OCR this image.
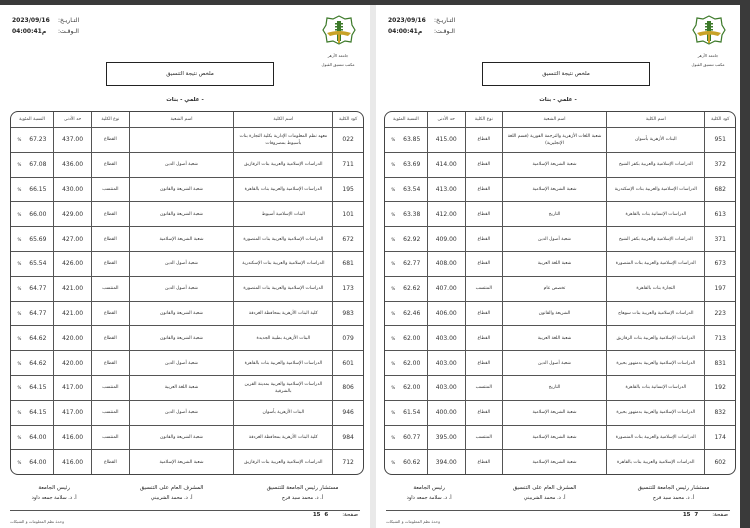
2023/09/16 التـاريـخ:
04:00:41م الـوقـت:
جامعة الأزهر
مكتب تنسيق القبول
ملخص نتيجة التنسيق
- علمي - بنات
كود الكلية	اسم الكلية	اسم الشعبة	نوع الكلية	حد الأدنى	النسبة المئوية
022	معهد نظم المعلومات الإدارية بكلية التجارة بنات بأسيوط بمصروفات		القطاع	437.00	% 67.23
711	الدراسات الإسلامية والعربية بنات الزقازيق	شعبة أصول الدين	القطاع	436.00	% 67.08
195	الدراسات الإسلامية والعربية بنات بالقاهرة	شعبة الشريعة والقانون	المنتسب	430.00	% 66.15
101	البنات الإسلامية أسيوط	شعبة الشريعة والقانون	القطاع	429.00	% 66.00
672	الدراسات الإسلامية والعربية بنات المنصورة	شعبة الشريعة الإسلامية	القطاع	427.00	% 65.69
681	الدراسات الإسلامية والعربية بنات الإسكندرية	شعبة أصول الدين	القطاع	426.00	% 65.54
173	الدراسات الإسلامية والعربية بنات المنصورة	شعبة أصول الدين	المنتسب	421.00	% 64.77
983	كلية البنات الأزهرية بمحافظة الغردقة	شعبة الشريعة والقانون	القطاع	421.00	% 64.77
079	البنات الأزهرية بطيبة الجديدة	شعبة الشريعة والقانون	القطاع	420.00	% 64.62
601	الدراسات الإسلامية والعربية بنات بالقاهرة	شعبة أصول الدين	القطاع	420.00	% 64.62
806	الدراسات الإسلامية والعربية بمدينة القرين بالشرقية	شعبة اللغة العربية	المنتسب	417.00	% 64.15
946	البنات الأزهرية بأسوان	شعبة أصول الدين	المنتسب	417.00	% 64.15
984	كلية البنات الأزهرية بمحافظة الغردقة	شعبة الشريعة والقانون	المنتسب	416.00	% 64.00
712	الدراسات الإسلامية والعربية بنات الزقازيق	شعبة الشريعة الإسلامية	القطاع	416.00	% 64.00
مستشار رئيس الجامعة للتنسيق
أ. د. محمد سيد فرج
المشرف العام على التنسيق
أ. د. محمد الشربيني
رئيس الجامعة
أ. د. سلامة جمعه داود
صفحة:
15 6
وحدة نظم المعلومات و الشبكات
2023/09/16 التـاريـخ:
04:00:41م الـوقـت:
جامعة الأزهر
مكتب تنسيق القبول
ملخص نتيجة التنسيق
- علمي - بنات
كود الكلية	اسم الكلية	اسم الشعبة	نوع الكلية	حد الأدنى	النسبة المئوية
951	البنات الأزهرية بأسوان	شعبة اللغات الأزهرية والترجمة الفورية (قسم اللغة الإنجليزية)	القطاع	415.00	% 63.85
372	الدراسات الإسلامية والعربية بكفر الشيخ	شعبة الشريعة الإسلامية	القطاع	414.00	% 63.69
682	الدراسات الإسلامية والعربية بنات الإسكندرية	شعبة الشريعة الإسلامية	القطاع	413.00	% 63.54
613	الدراسات الإنسانية بنات بالقاهرة	التاريخ	القطاع	412.00	% 63.38
371	الدراسات الإسلامية والعربية بكفر الشيخ	شعبة أصول الدين	القطاع	409.00	% 62.92
673	الدراسات الإسلامية والعربية بنات المنصورة	شعبة اللغة العربية	القطاع	408.00	% 62.77
197	التجارة بنات بالقاهرة	تخصص عام	المنتسب	407.00	% 62.62
223	الدراسات الإسلامية والعربية بنات سوهاج	الشريعة والقانون	القطاع	406.00	% 62.46
713	الدراسات الإسلامية والعربية بنات الزقازيق	شعبة اللغة العربية	القطاع	403.00	% 62.00
831	الدراسات الإسلامية والعربية بدمنهور بحيرة	شعبة أصول الدين	القطاع	403.00	% 62.00
192	الدراسات الإنسانية بنات بالقاهرة	التاريخ	المنتسب	403.00	% 62.00
832	الدراسات الإسلامية والعربية بدمنهور بحيرة	شعبة الشريعة الإسلامية	القطاع	400.00	% 61.54
174	الدراسات الإسلامية والعربية بنات المنصورة	شعبة الشريعة الإسلامية	المنتسب	395.00	% 60.77
602	الدراسات الإسلامية والعربية بنات بالقاهرة	شعبة الشريعة الإسلامية	القطاع	394.00	% 60.62
مستشار رئيس الجامعة للتنسيق
أ. د. محمد سيد فرج
المشرف العام على التنسيق
أ. د. محمد الشربيني
رئيس الجامعة
أ. د. سلامة جمعه داود
صفحة:
15 7
وحدة نظم المعلومات و الشبكات
